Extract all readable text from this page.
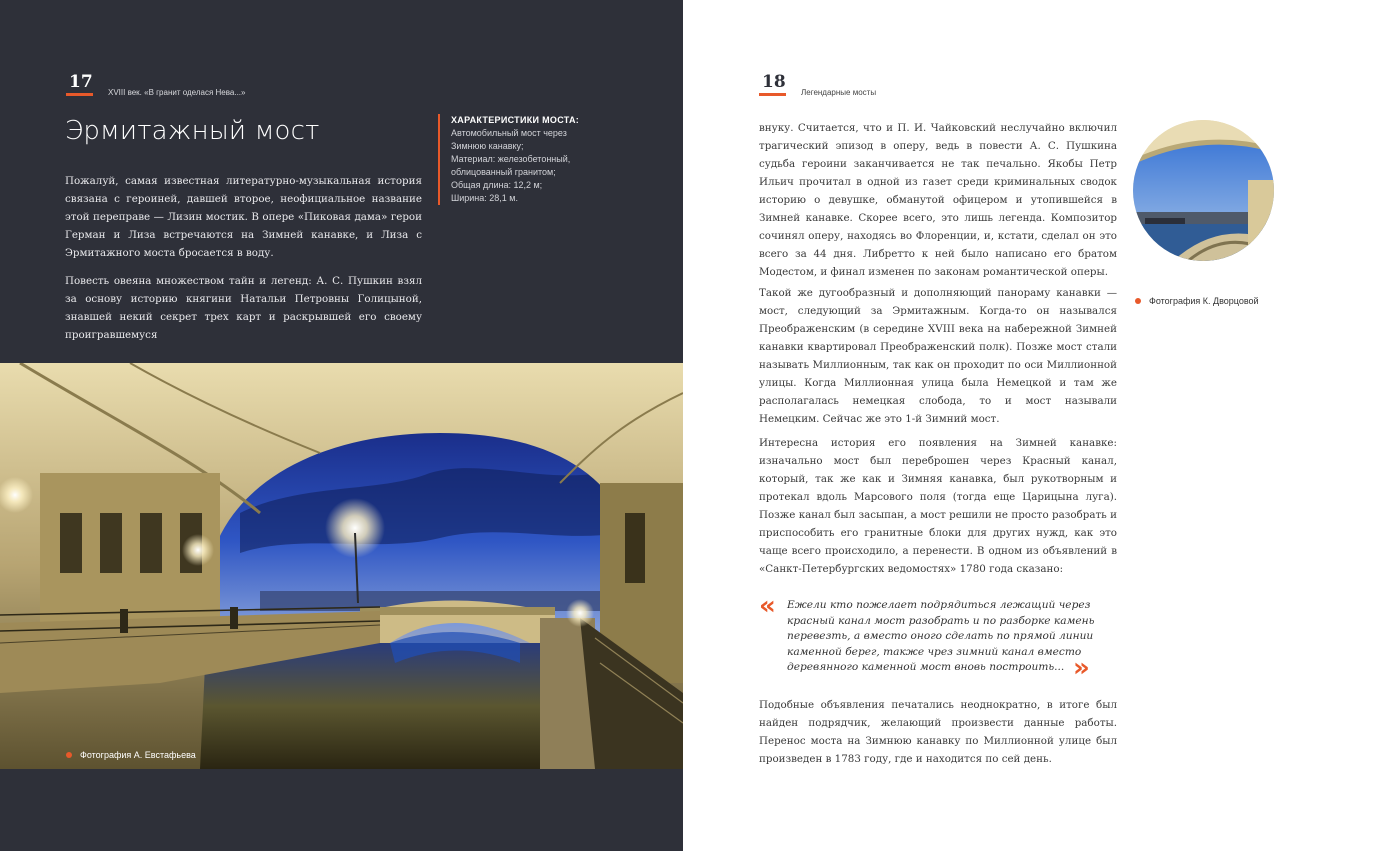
17
XVIII век. «В гранит оделася Нева...»
Эрмитажный мост	ХАРАКТЕРИСТИКИ МОСТА:
Автомобильный мост через
Зимнюю канавку;
Материал: железобетонный,
облицованный гранитом;
Общая длина: 12,2 м;
Ширина: 28,1 м.

Пожалуй, самая известная литературно-музыкальная история связана с героиней, давшей второе, неофициальное название этой переправе — Лизин мостик. В опере «Пиковая дама» герои Герман и Лиза встречаются на Зимней канавке, и Лиза с Эрмитажного моста бросается в воду.

Повесть овеяна множеством тайн и легенд: А. С. Пушкин взял за основу историю княгини Натальи Петровны Голицыной, знавшей некий секрет трех карт и раскрывшей его своему проигравшемуся

Фотография А. Евстафьева
18
Легендарные мосты

внуку. Считается, что и П. И. Чайковский неслучайно включил трагический эпизод в оперу, ведь в повести А. С. Пушкина судьба героини заканчивается не так печально. Якобы Петр Ильич прочитал в одной из газет среди криминальных сводок историю о девушке, обманутой офицером и утопившейся в Зимней канавке. Скорее всего, это лишь легенда. Композитор сочинял оперу, находясь во Флоренции, и, кстати, сделал он это всего за 44 дня. Либретто к ней было написано его братом Модестом, и финал изменен по законам романтической оперы.

Такой же дугообразный и дополняющий панораму канавки — мост, следующий за Эрмитажным. Когда-то он назывался Преображенским (в середине XVIII века на набережной Зимней канавки квартировал Преображенский полк). Позже мост стали называть Миллионным, так как он проходит по оси Миллионной улицы. Когда Миллионная улица была Немецкой и там же располагалась немецкая слобода, то и мост называли Немецким. Сейчас же это 1-й Зимний мост.

Интересна история его появления на Зимней канавке: изначально мост был переброшен через Красный канал, который, так же как и Зимняя канавка, был рукотворным и протекал вдоль Марсового поля (тогда еще Царицына луга). Позже канал был засыпан, а мост решили не просто разобрать и приспособить его гранитные блоки для других нужд, как это чаще всего происходило, а перенести. В одном из объявлений в «Санкт-Петербургских ведомостях» 1780 года сказано:

« Ежели кто пожелает подрядиться лежащий через красный канал мост разобрать и по разборке камень перевезть, а вместо оного сделать по прямой линии каменной берег, также чрез зимний канал вместо деревянного каменной мост вновь построить... »

Подобные объявления печатались неоднократно, в итоге был найден подрядчик, желающий произвести данные работы. Перенос моста на Зимнюю канавку по Миллионной улице был произведен в 1783 году, где и находится по сей день.

Фотография К. Дворцовой
